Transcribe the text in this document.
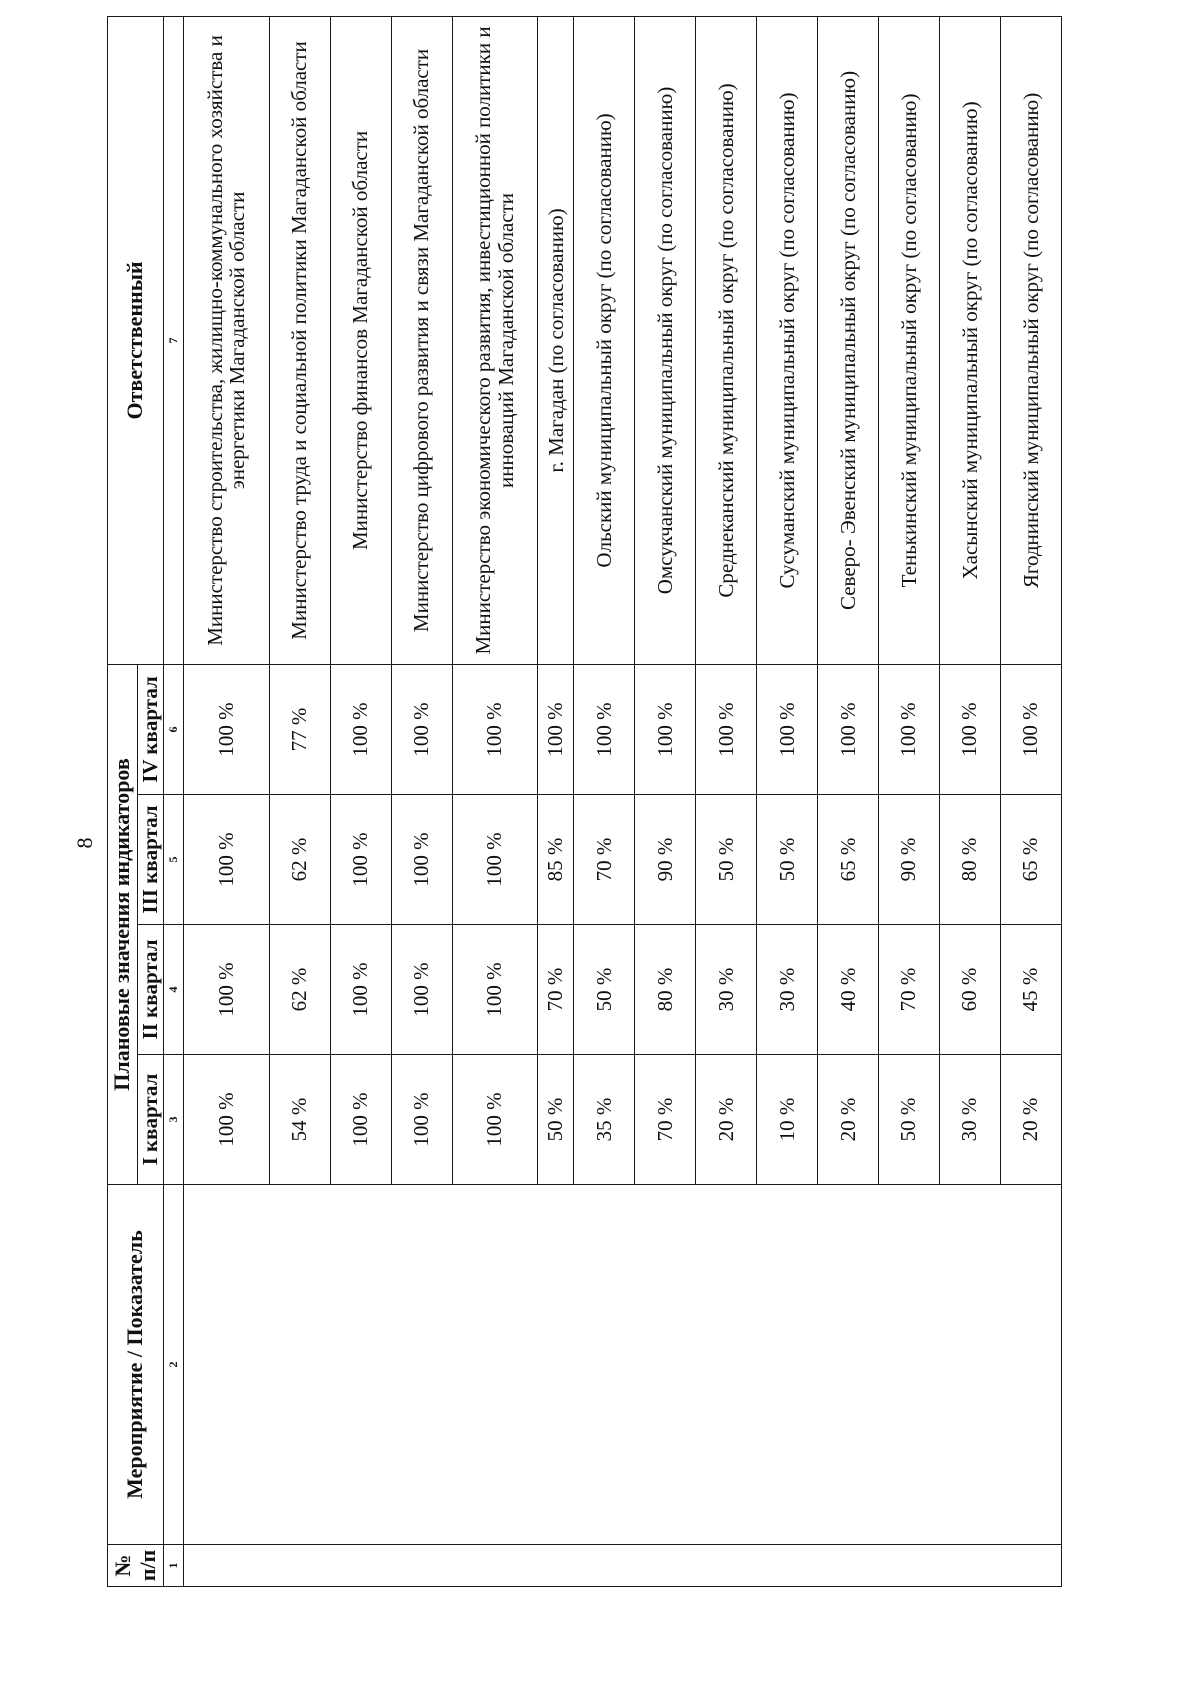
8
№ п/п	Мероприятие / Показатель	Плановые значения индикаторов				Ответственный
		I квартал	II квартал	III квартал	IV квартал	
1	2	3	4	5	6	7
		100 %	100 %	100 %	100 %	Министерство строительства, жилищно-коммунального хозяйства и энергетики Магаданской области
		54 %	62 %	62 %	77 %	Министерство труда и социальной политики Магаданской области
		100 %	100 %	100 %	100 %	Министерство финансов Магаданской области
		100 %	100 %	100 %	100 %	Министерство цифрового развития и связи Магаданской области
		100 %	100 %	100 %	100 %	Министерство экономического развития, инвестиционной политики и инноваций Магаданской области
		50 %	70 %	85 %	100 %	г. Магадан (по согласованию)
		35 %	50 %	70 %	100 %	Ольский муниципальный округ (по согласованию)
		70 %	80 %	90 %	100 %	Омсукчанский муниципальный округ (по согласованию)
		20 %	30 %	50 %	100 %	Среднеканский муниципальный округ (по согласованию)
		10 %	30 %	50 %	100 %	Сусуманский муниципальный округ (по согласованию)
		20 %	40 %	65 %	100 %	Северо- Эвенский муниципальный округ (по согласованию)
		50 %	70 %	90 %	100 %	Тенькинский муниципальный округ (по согласованию)
		30 %	60 %	80 %	100 %	Хасынский муниципальный округ (по согласованию)
		20 %	45 %	65 %	100 %	Ягоднинский муниципальный округ (по согласованию)
